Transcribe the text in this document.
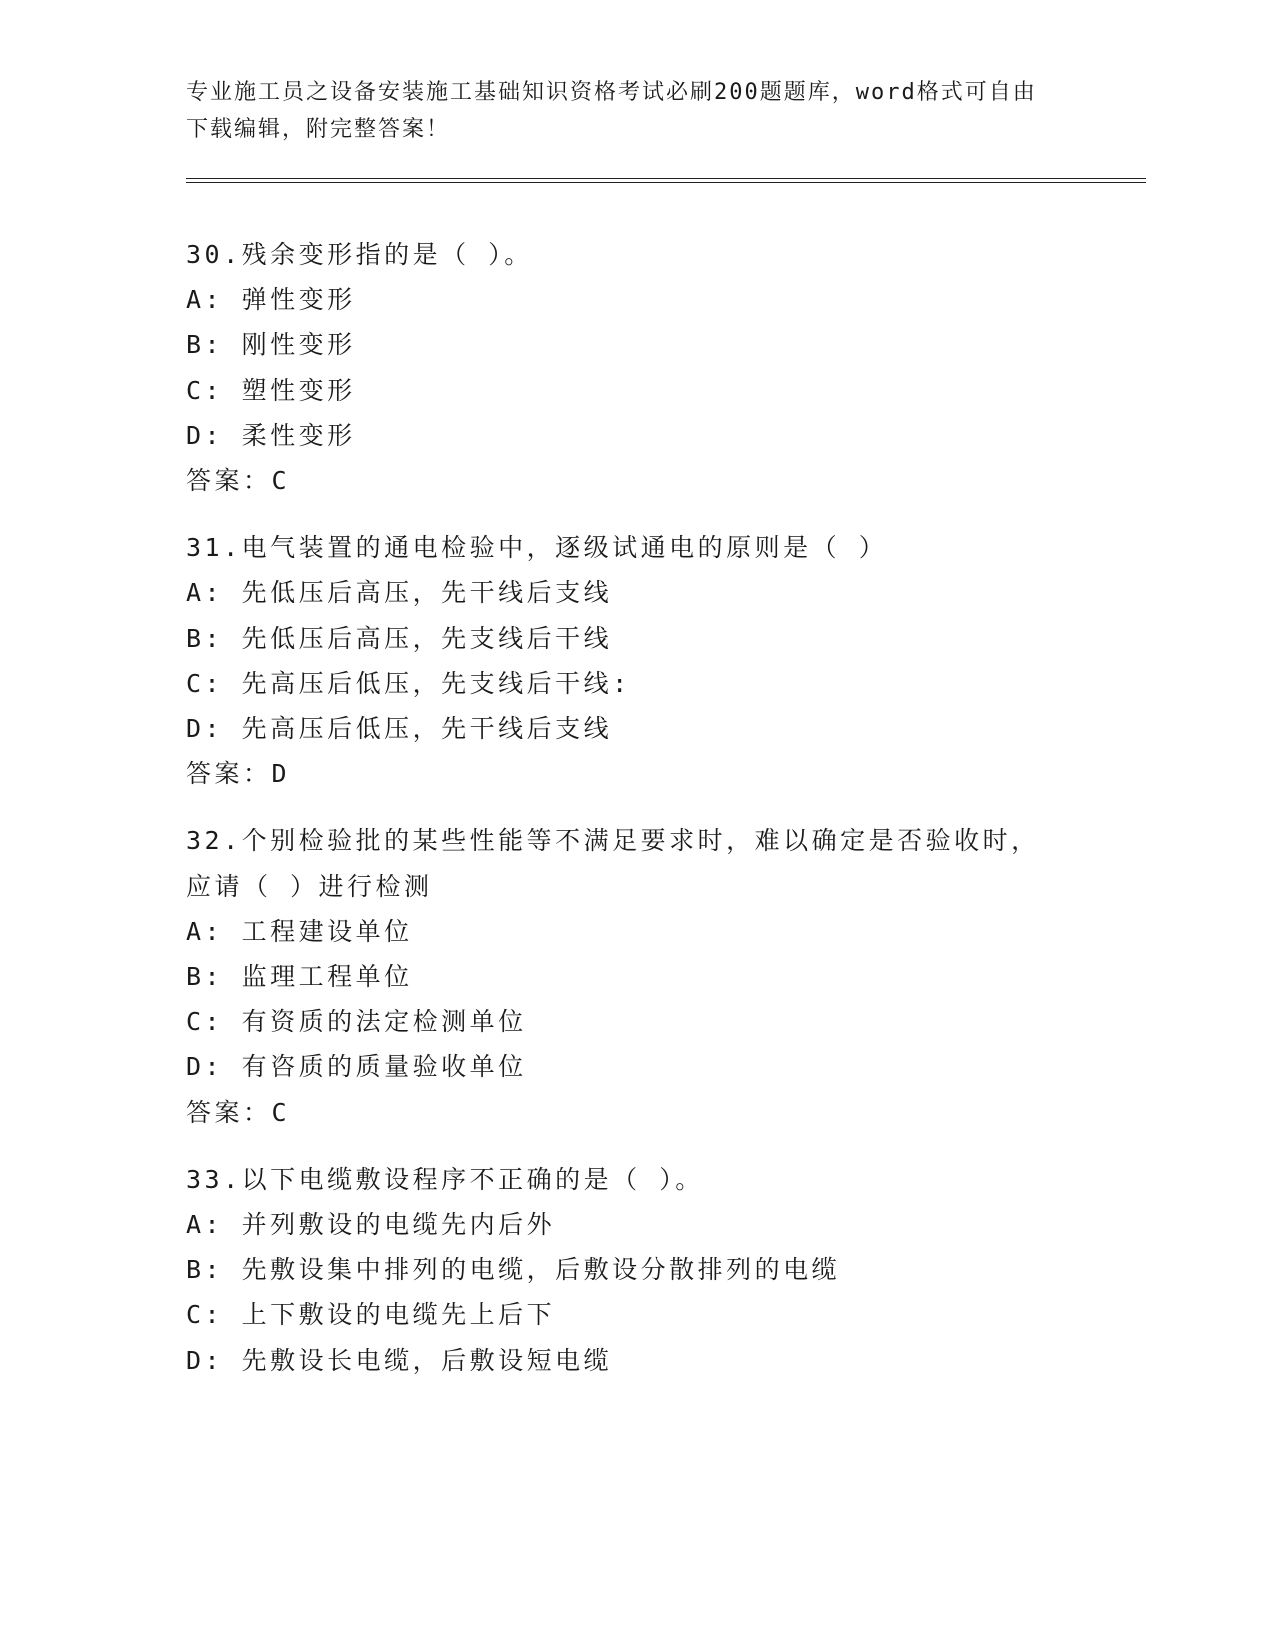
专业施工员之设备安装施工基础知识资格考试必刷200题题库，word格式可自由
下载编辑，附完整答案！
30.残余变形指的是（ ）。
A: 弹性变形
B: 刚性变形
C: 塑性变形
D: 柔性变形
答案：C
31.电气装置的通电检验中，逐级试通电的原则是（ ）
A: 先低压后高压，先干线后支线
B: 先低压后高压，先支线后干线
C: 先高压后低压，先支线后干线:
D: 先高压后低压，先干线后支线
答案：D
32.个别检验批的某些性能等不满足要求时，难以确定是否验收时，应请（ ）进行检测
A: 工程建设单位
B: 监理工程单位
C: 有资质的法定检测单位
D: 有咨质的质量验收单位
答案：C
33.以下电缆敷设程序不正确的是（ ）。
A: 并列敷设的电缆先内后外
B: 先敷设集中排列的电缆，后敷设分散排列的电缆
C: 上下敷设的电缆先上后下
D: 先敷设长电缆，后敷设短电缆
